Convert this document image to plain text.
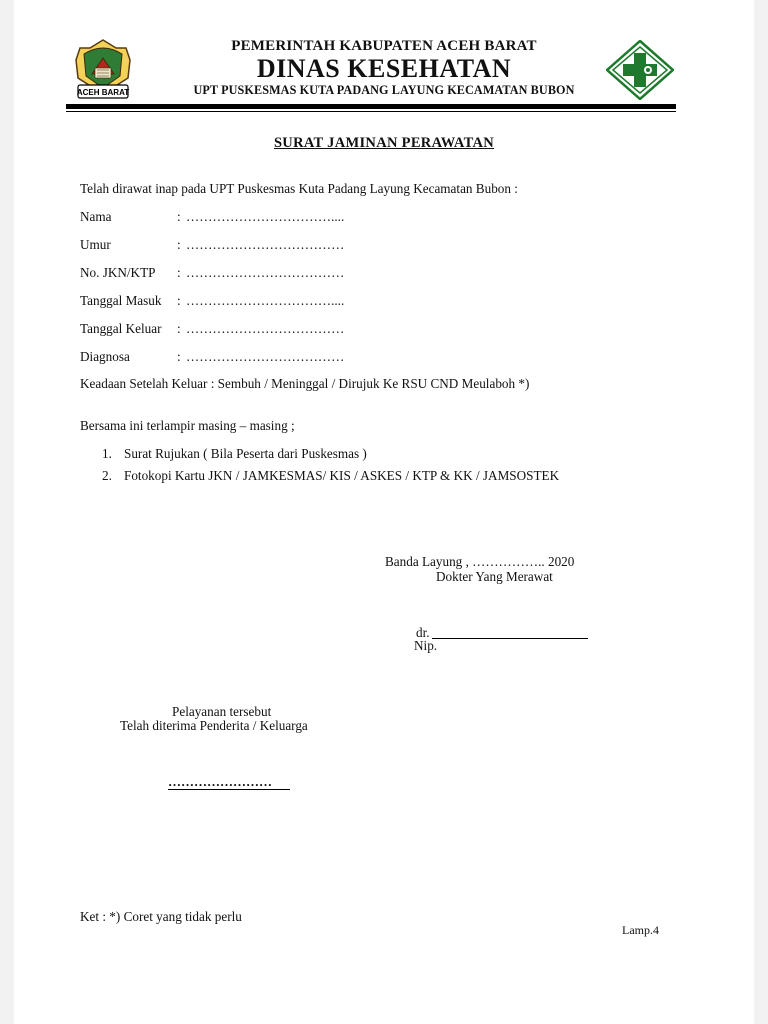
ACEH BARAT
PEMERINTAH KABUPATEN ACEH BARAT
DINAS KESEHATAN
UPT PUSKESMAS KUTA PADANG LAYUNG KECAMATAN BUBON
SURAT JAMINAN PERAWATAN
Telah dirawat inap pada UPT Puskesmas Kuta Padang Layung Kecamatan Bubon :
Nama	: ……………………………....
Umur	: ………………………………
No. JKN/KTP : ………………………………
Tanggal Masuk : ……………………………....
Tanggal Keluar : ………………………………
Diagnosa	: ………………………………
Keadaan Setelah Keluar : Sembuh / Meninggal / Dirujuk Ke RSU CND Meulaboh *)
Bersama ini terlampir masing – masing ;
1. Surat Rujukan ( Bila Peserta dari Puskesmas )
2. Fotokopi Kartu JKN / JAMKESMAS/ KIS / ASKES / KTP & KK / JAMSOSTEK
Banda Layung , …………….. 2020
Dokter Yang Merawat
dr.
Nip.
Pelayanan tersebut
Telah diterima Penderita / Keluarga
……………………
Ket : *) Coret yang tidak perlu
Lamp.4
